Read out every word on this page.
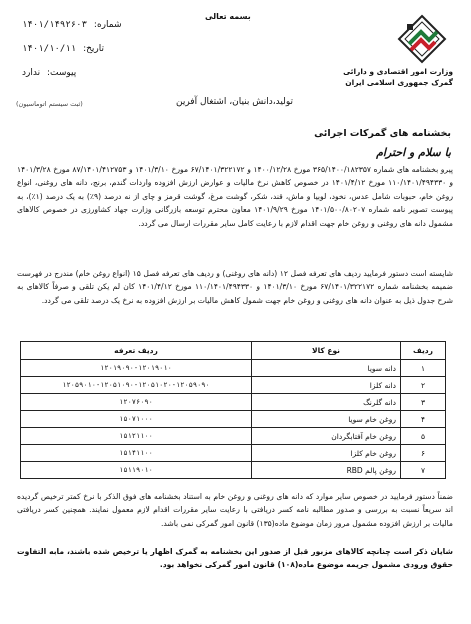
بسمه تعالی
شماره: ۱۴۰۱/۱۴۹۲۶۰۳
تاریخ: ۱۴۰۱/۱۰/۱۱
پیوست: ندارد
(ثبت سیستم اتوماسیون)
وزارت امور اقتصادی و دارائی
گمرک جمهوری اسلامی ایران
تولید،دانش بنیان، اشتغال آفرین
بخشنامه های گمرکات اجرائی
با سلام و احترام
پیرو بخشنامه های شماره ۳۶۵/۱۴۰۰/۱۸۲۳۵۷ مورخ ۱۴۰۰/۱۲/۲۸ و ۶۷/۱۴۰۱/۳۲۲۱۷۲ مورخ ۱۴۰۱/۳/۱۰ و ۸۷/۱۴۰۱/۴۱۲۷۵۳ مورخ ۱۴۰۱/۳/۲۸ و ۱۱۰/۱۴۰۱/۴۹۴۳۳۰ مورخ ۱۴۰۱/۴/۱۲ در خصوص کاهش نرخ مالیات و عوارض ارزش افزوده واردات گندم، برنج، دانه های روغنی، انواع روغن خام، حبوبات شامل عدس، نخود، لوبیا و ماش، قند، شکر، گوشت مرغ، گوشت قرمز و چای از نه درصد (۹٪) به یک درصد (۱٪)، به پیوست تصویر نامه شماره ۱۴۰۱/۵۰۰/۸۰۲۰۷ مورخ ۱۴۰۱/۹/۲۹ معاون محترم توسعه بازرگانی وزارت جهاد کشاورزی در خصوص کالاهای مشمول دانه های روغنی و روغن خام جهت اقدام لازم با رعایت کامل سایر مقررات ارسال می گردد.
شایسته است دستور فرمایید ردیف های تعرفه فصل ۱۲ (دانه های روغنی) و ردیف های تعرفه فصل ۱۵ (انواع روغن خام) مندرج در فهرست ضمیمه بخشنامه شماره ۶۷/۱۴۰۱/۳۲۲۱۷۲ مورخ ۱۴۰۱/۳/۱۰ و ۱۱۰/۱۴۰۱/۴۹۴۳۳۰ مورخ ۱۴۰۱/۴/۱۲ کان لم یکن تلقی و صرفاً کالاهای به شرح جدول ذیل به عنوان دانه های روغنی و روغن خام جهت شمول کاهش مالیات بر ارزش افزوده به نرخ یک درصد تلقی می گردد.
ردیف	نوع کالا	ردیف تعرفه
۱	دانه سویا	۱۲۰۱۹۰۹۰-۱۲۰۱۹۰۱۰
۲	دانه کلزا	۱۲۰۵۹۰۱۰-۱۲۰۵۱۰۹۰-۱۲۰۵۱۰۲۰-۱۲۰۵۹۰۹۰
۳	دانه گلرنگ	۱۲۰۷۶۰۹۰
۴	روغن خام سویا	۱۵۰۷۱۰۰۰
۵	روغن خام آفتابگردان	۱۵۱۲۱۱۰۰
۶	روغن خام کلزا	۱۵۱۴۱۱۰۰
۷	روغن پالم RBD	۱۵۱۱۹۰۱۰
ضمناً دستور فرمایید در خصوص سایر موارد که دانه های روغنی و روغن خام به استناد بخشنامه های فوق الذکر با نرخ کمتر ترخیص گردیده اند سریعاً نسبت به بررسی و صدور مطالبه نامه کسر دریافتی با رعایت سایر مقررات اقدام لازم معمول نمایند. همچنین کسر دریافتی مالیات بر ارزش افزوده مشمول مرور زمان موضوع ماده(۱۳۵) قانون امور گمرکی نمی باشد.
شایان ذکر است چنانچه کالاهای مزبور قبل از صدور این بخشنامه به گمرک اظهار یا ترخیص شده باشند، مابه التفاوت حقوق ورودی مشمول جریمه موضوع ماده(۱۰۸) قانون امور گمرکی نخواهد بود.
